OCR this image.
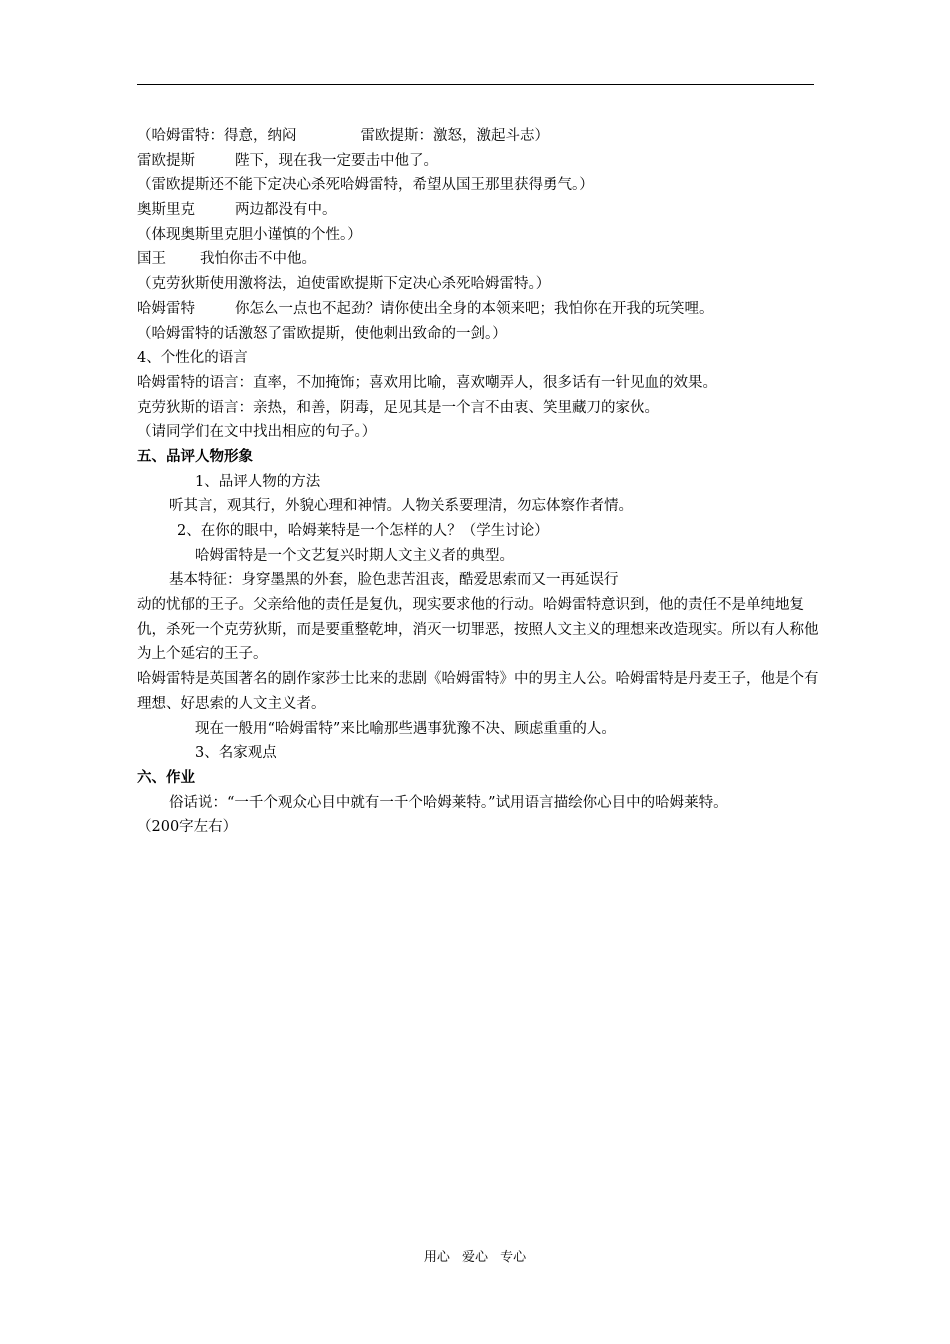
（哈姆雷特：得意，纳闷	雷欧提斯：激怒，激起斗志）
雷欧提斯	陛下，现在我一定要击中他了。
（雷欧提斯还不能下定决心杀死哈姆雷特，希望从国王那里获得勇气。）
奥斯里克	两边都没有中。
（体现奥斯里克胆小谨慎的个性。）
国王 我怕你击不中他。
（克劳狄斯使用激将法，迫使雷欧提斯下定决心杀死哈姆雷特。）
哈姆雷特	你怎么一点也不起劲？请你使出全身的本领来吧；我怕你在开我的玩笑哩。
（哈姆雷特的话激怒了雷欧提斯，使他刺出致命的一剑。）
4、个性化的语言
哈姆雷特的语言：直率，不加掩饰；喜欢用比喻，喜欢嘲弄人，很多话有一针见血的效果。
克劳狄斯的语言：亲热，和善，阴毒，足见其是一个言不由衷、笑里藏刀的家伙。
（请同学们在文中找出相应的句子。）
五、品评人物形象
1、品评人物的方法
听其言，观其行，外貌心理和神情。人物关系要理清，勿忘体察作者情。
2、在你的眼中，哈姆莱特是一个怎样的人？（学生讨论）
哈姆雷特是一个文艺复兴时期人文主义者的典型。
基本特征：身穿墨黑的外套，脸色悲苦沮丧，酷爱思索而又一再延误行
动的忧郁的王子。父亲给他的责任是复仇，现实要求他的行动。哈姆雷特意识到，他的责任不是单纯地复仇，杀死一个克劳狄斯，而是要重整乾坤，消灭一切罪恶，按照人文主义的理想来改造现实。所以有人称他为上个延宕的王子。
哈姆雷特是英国著名的剧作家莎士比来的悲剧《哈姆雷特》中的男主人公。哈姆雷特是丹麦王子，他是个有理想、好思索的人文主义者。
现在一般用“哈姆雷特”来比喻那些遇事犹豫不决、顾虑重重的人。
3、名家观点
六、作业
俗话说：“一千个观众心目中就有一千个哈姆莱特。”试用语言描绘你心目中的哈姆莱特。
（200字左右）
用心 爱心 专心
